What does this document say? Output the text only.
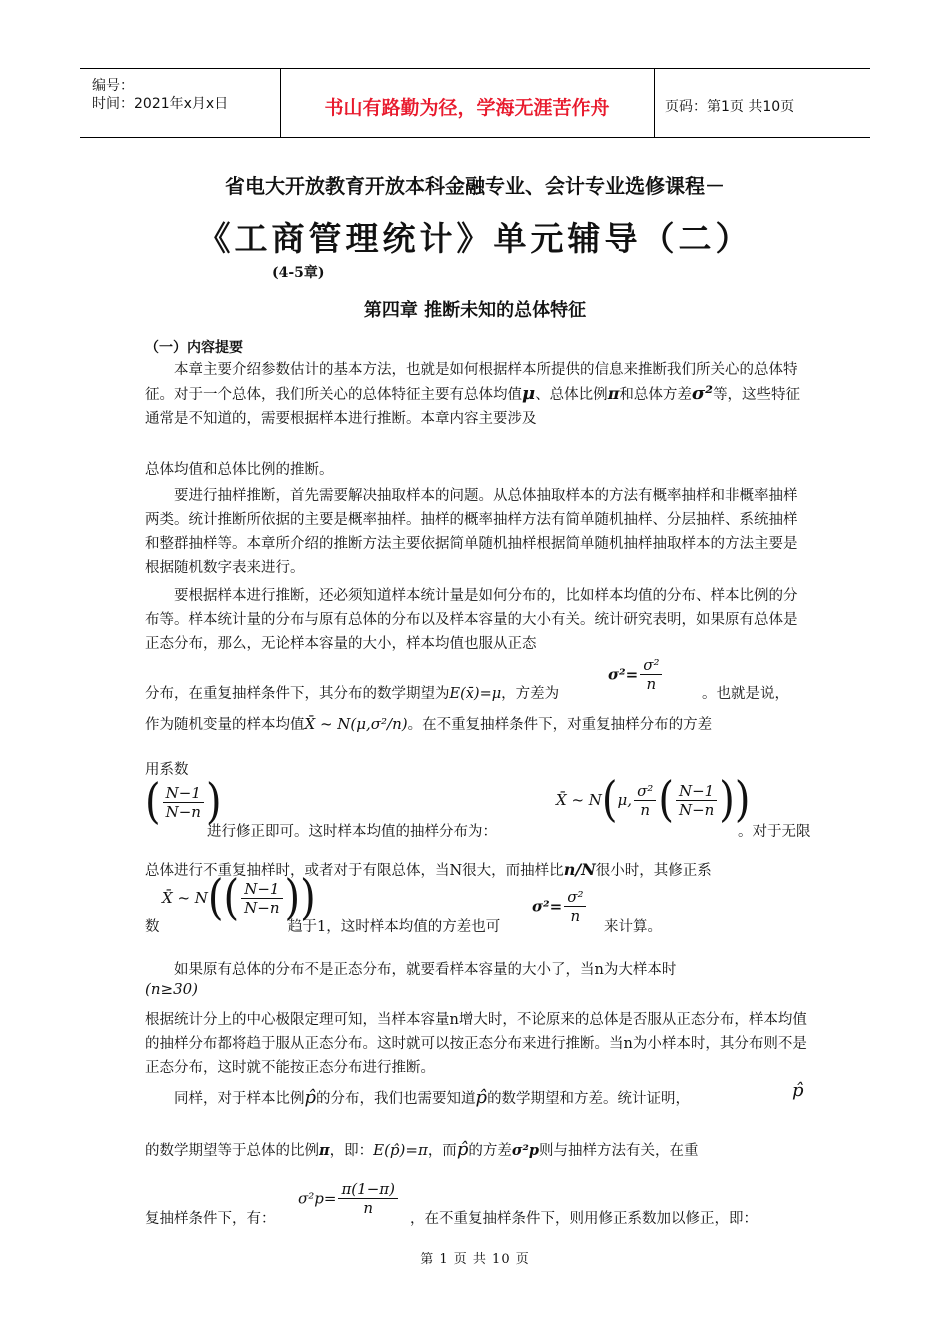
编号：
时间：2021年x月x日	书山有路勤为径，学海无涯苦作舟	页码：第1页 共10页
省电大开放教育开放本科金融专业、会计专业选修课程－
《工商管理统计》单元辅导（二）
(4-5章)
第四章 推断未知的总体特征
（一）内容提要
本章主要介绍参数估计的基本方法，也就是如何根据样本所提供的信息来推断我们所关心的总体特征。对于一个总体，我们所关心的总体特征主要有总体均值μ、总体比例π和总体方差σ²等，这些特征通常是不知道的，需要根据样本进行推断。本章内容主要涉及
总体均值和总体比例的推断。
要进行抽样推断，首先需要解决抽取样本的问题。从总体抽取样本的方法有概率抽样和非概率抽样两类。统计推断所依据的主要是概率抽样。抽样的概率抽样方法有简单随机抽样、分层抽样、系统抽样和整群抽样等。本章所介绍的推断方法主要依据简单随机抽样根据简单随机抽样抽取样本的方法主要是根据随机数字表来进行。
要根据样本进行推断，还必须知道样本统计量是如何分布的，比如样本均值的分布、样本比例的分布等。样本统计量的分布与原有总体的分布以及样本容量的大小有关。统计研究表明，如果原有总体是正态分布，那么，无论样本容量的大小，样本均值也服从正态
分布，在重复抽样条件下，其分布的数学期望为E(x̄)=μ，方差为
$\sigma^2= \frac{\text{σ²}}{n}$
。也就是说，
作为随机变量的样本均值X̄ ~ N(μ,σ²/n)。在不重复抽样条件下，对重复抽样分布的方差
用系数
( $\frac{N-1}{N-n}$ )
进行修正即可。这时样本均值的抽样分布为：
X̄ ~ N(μ, $\frac{\text{σ²}}{n}$ ( $\frac{N-1}{N-n}$ ))
。对于无限
总体进行不重复抽样时，或者对于有限总体，当N很大，而抽样比n/N很小时，其修正系
数
X̄ ~ $N(( \frac{N-1}{N-n}$ ))
趋于1，这时样本均值的方差也可
$\sigma^2= \frac{\text{σ²}}{n}$
来计算。
如果原有总体的分布不是正态分布，就要看样本容量的大小了，当n为大样本时
(n≥30)
根据统计分上的中心极限定理可知，当样本容量n增大时，不论原来的总体是否服从正态分布，样本均值的抽样分布都将趋于服从正态分布。这时就可以按正态分布来进行推断。当n为小样本时，其分布则不是正态分布，这时就不能按正态分布进行推断。
同样，对于样本比例p̂的分布，我们也需要知道p̂的数学期望和方差。统计证明，	p̂
的数学期望等于总体的比例π，即：E(p̂)=π，而p̂的方差σ²p则与抽样方法有关，在重
复抽样条件下，有：
$\sigma^2p= \frac{\pi(1-\pi)}{n}$
，在不重复抽样条件下，则用修正系数加以修正，即：
第 1 页 共 10 页
